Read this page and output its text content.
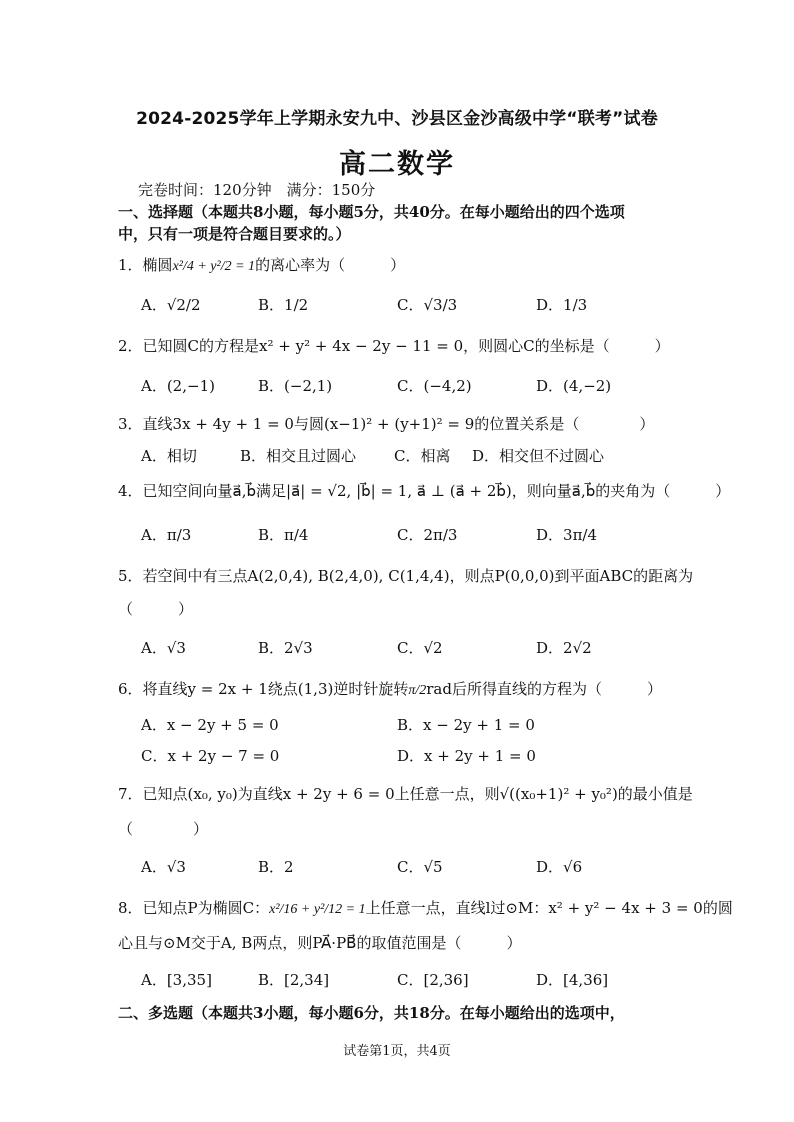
2024-2025学年上学期永安九中、沙县区金沙高级中学“联考”试卷
高二数学
完卷时间：120分钟　满分：150分
一、选择题（本题共8小题，每小题5分，共40分。在每小题给出的四个选项
中，只有一项是符合题目要求的。）
1．椭圆x²/4 + y²/2 = 1的离心率为（　　　）
A．√2/2	B．1/2	C．√3/3	D．1/3
2．已知圆C的方程是x² + y² + 4x − 2y − 11 = 0，则圆心C的坐标是（　　　）
A．(2,−1)	B．(−2,1)	C．(−4,2)	D．(4,−2)
3．直线3x + 4y + 1 = 0与圆(x−1)² + (y+1)² = 9的位置关系是（　　　　）
A．相切	B．相交且过圆心	C．相离 D．相交但不过圆心
4．已知空间向量a⃗,b⃗满足|a⃗| = √2, |b⃗| = 1, a⃗ ⊥ (a⃗ + 2b⃗)，则向量a⃗,b⃗的夹角为（　　　）
A．π/3	B．π/4	C．2π/3	D．3π/4
5．若空间中有三点A(2,0,4), B(2,4,0), C(1,4,4)，则点P(0,0,0)到平面ABC的距离为
（　　　）
A．√3	B．2√3	C．√2	D．2√2
6．将直线y = 2x + 1绕点(1,3)逆时针旋转π/2rad后所得直线的方程为（　　　）
A．x − 2y + 5 = 0	B．x − 2y + 1 = 0
C．x + 2y − 7 = 0	D．x + 2y + 1 = 0
7．已知点(x₀, y₀)为直线x + 2y + 6 = 0上任意一点，则√((x₀+1)² + y₀²)的最小值是
（　　　　）
A．√3	B．2	C．√5	D．√6
8．已知点P为椭圆C：x²/16 + y²/12 = 1上任意一点，直线l过⊙M：x² + y² − 4x + 3 = 0的圆
心且与⊙M交于A, B两点，则PA⃗·PB⃗的取值范围是（　　　）
A．[3,35]	B．[2,34]	C．[2,36]	D．[4,36]
二、多选题（本题共3小题，每小题6分，共18分。在每小题给出的选项中，
试卷第1页，共4页
